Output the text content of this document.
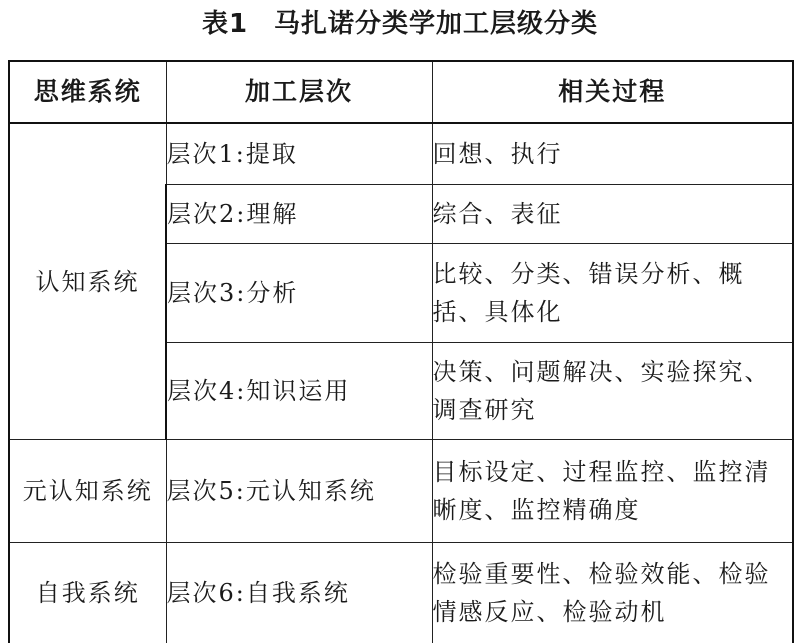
表1 马扎诺分类学加工层级分类
思维系统	加工层次	相关过程
认知系统	层次1:提取	回想、执行
	层次2:理解	综合、表征
	层次3:分析	比较、分类、错误分析、概括、具体化
	层次4:知识运用	决策、问题解决、实验探究、调查研究
元认知系统	层次5:元认知系统	目标设定、过程监控、监控清晰度、监控精确度
自我系统	层次6:自我系统	检验重要性、检验效能、检验情感反应、检验动机
